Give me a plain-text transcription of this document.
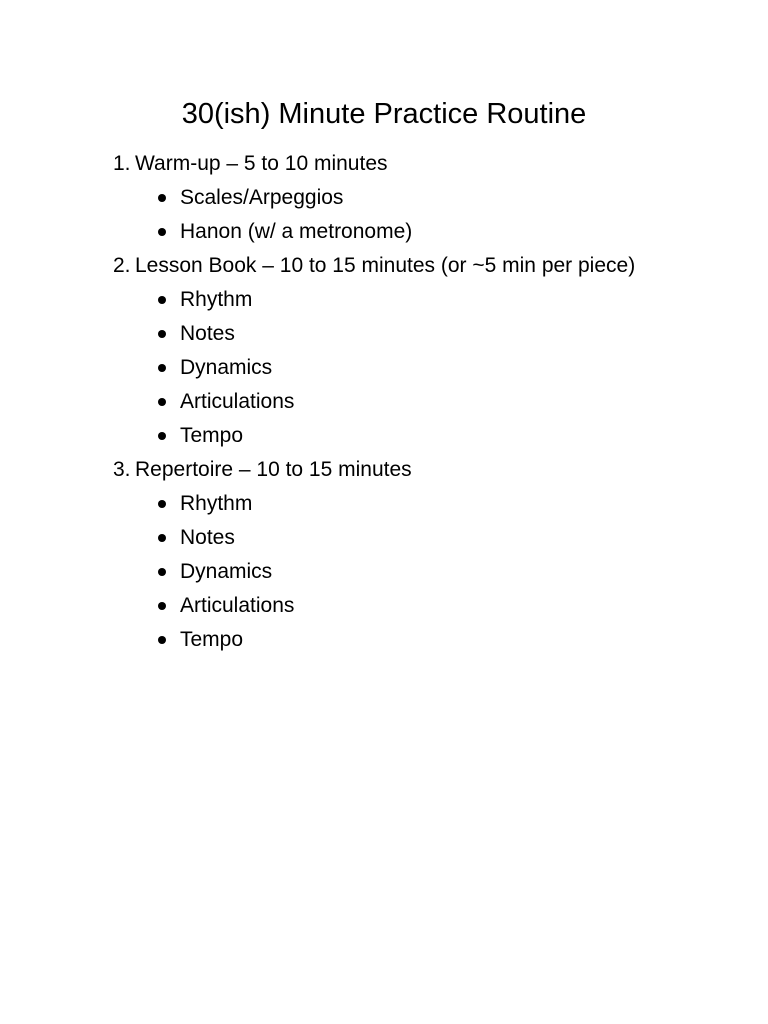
30(ish) Minute Practice Routine
1. Warm-up – 5 to 10 minutes
Scales/Arpeggios
Hanon (w/ a metronome)
2. Lesson Book – 10 to 15 minutes (or ~5 min per piece)
Rhythm
Notes
Dynamics
Articulations
Tempo
3. Repertoire – 10 to 15 minutes
Rhythm
Notes
Dynamics
Articulations
Tempo
